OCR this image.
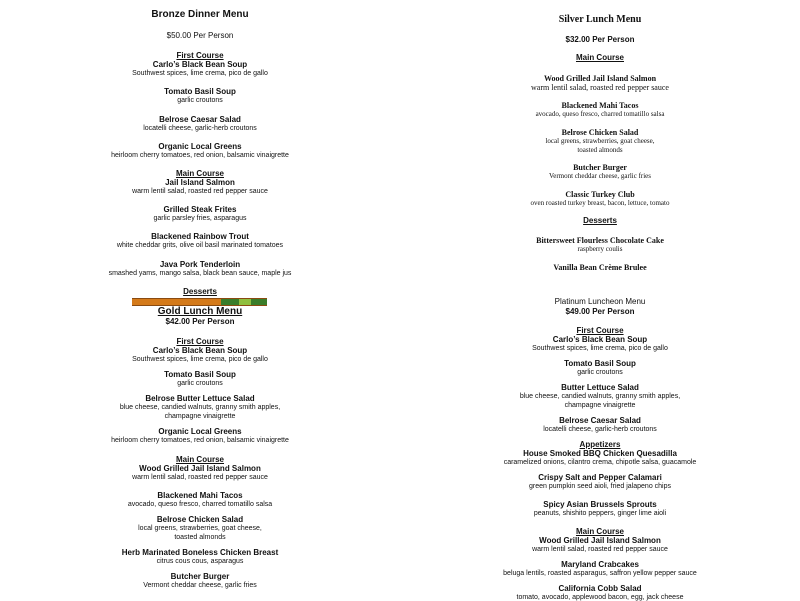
Bronze Dinner Menu
$50.00 Per Person
First Course
Carlo’s Black Bean Soup
Southwest spices, lime crema, pico de gallo
Tomato Basil Soup
garlic croutons
Belrose Caesar Salad
locatelli cheese, garlic-herb croutons
Organic Local Greens
heirloom cherry tomatoes, red onion, balsamic vinaigrette
Main Course
Jail Island Salmon
warm lentil salad, roasted red pepper sauce
Grilled Steak Frites
garlic parsley fries, asparagus
Blackened Rainbow Trout
white cheddar grits, olive oil basil marinated tomatoes
Java Pork Tenderloin
smashed yams, mango salsa, black bean sauce, maple jus
Desserts
Gold Lunch Menu
$42.00 Per Person
First Course
Carlo’s Black Bean Soup
Southwest spices, lime crema, pico de gallo
Tomato Basil Soup
garlic croutons
Belrose Butter Lettuce Salad
blue cheese, candied walnuts, granny smith apples,
champagne vinaigrette
Organic Local Greens
heirloom cherry tomatoes, red onion, balsamic vinaigrette
Main Course
Wood Grilled Jail Island Salmon
warm lentil salad, roasted red pepper sauce
Blackened Mahi Tacos
avocado, queso fresco, charred tomatillo salsa
Belrose Chicken Salad
local greens, strawberries, goat cheese,
toasted almonds
Herb Marinated Boneless Chicken Breast
citrus cous cous, asparagus
Butcher Burger
Vermont cheddar cheese, garlic fries
Silver Lunch Menu
$32.00 Per Person
Main Course
Wood Grilled Jail Island Salmon
warm lentil salad, roasted red pepper sauce
Blackened Mahi Tacos
avocado, queso fresco, charred tomatillo salsa
Belrose Chicken Salad
local greens, strawberries, goat cheese,
toasted almonds
Butcher Burger
Vermont cheddar cheese, garlic fries
Classic Turkey Club
oven roasted turkey breast, bacon, lettuce, tomato
Desserts
Bittersweet Flourless Chocolate Cake
raspberry coulis
Vanilla Bean Crème Brulee
Platinum Luncheon Menu
$49.00 Per Person
First Course
Carlo’s Black Bean Soup
Southwest spices, lime crema, pico de gallo
Tomato Basil Soup
garlic croutons
Butter Lettuce Salad
blue cheese, candied walnuts, granny smith apples,
champagne vinaigrette
Belrose Caesar Salad
locatelli cheese, garlic-herb croutons
Appetizers
House Smoked BBQ Chicken Quesadilla
caramelized onions, cilantro crema, chipotle salsa, guacamole
Crispy Salt and Pepper Calamari
green pumpkin seed aioli, fried jalapeno chips
Spicy Asian Brussels Sprouts
peanuts, shishito peppers, ginger lime aioli
Main Course
Wood Grilled Jail Island Salmon
warm lentil salad, roasted red pepper sauce
Maryland Crabcakes
beluga lentils, roasted asparagus, saffron yellow pepper sauce
California Cobb Salad
tomato, avocado, applewood bacon, egg, jack cheese
